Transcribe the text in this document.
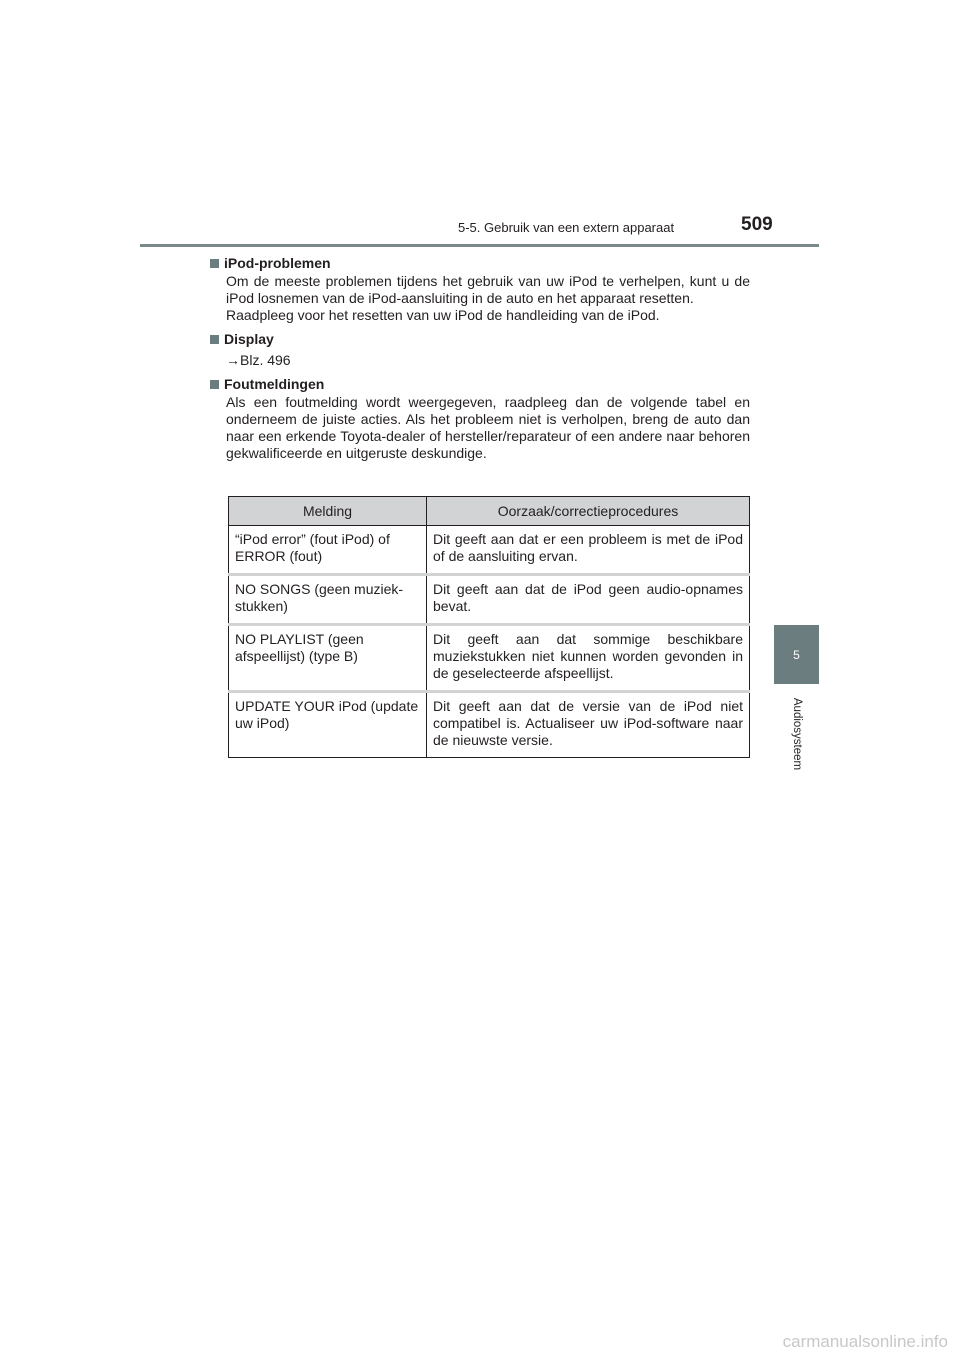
5-5. Gebruik van een extern apparaat	509
5
Audiosysteem
iPod-problemen

Om de meeste problemen tijdens het gebruik van uw iPod te verhelpen, kunt u de iPod losnemen van de iPod-aansluiting in de auto en het apparaat resetten.

Raadpleeg voor het resetten van uw iPod de handleiding van de iPod.

Display
→Blz. 496
Foutmeldingen

Als een foutmelding wordt weergegeven, raadpleeg dan de volgende tabel en onderneem de juiste acties. Als het probleem niet is verholpen, breng de auto dan naar een erkende Toyota-dealer of hersteller/reparateur of een andere naar behoren gekwalificeerde en uitgeruste deskundige.

Melding	Oorzaak/correctieprocedures
“iPod error” (fout iPod) of ERROR (fout)	Dit geeft aan dat er een probleem is met de iPod of de aansluiting ervan.
NO SONGS (geen muziekstukken)	Dit geeft aan dat de iPod geen audio-opnames bevat.
NO PLAYLIST (geen afspeellijst) (type B)	Dit geeft aan dat sommige beschikbare muziekstukken niet kunnen worden gevonden in de geselecteerde afspeellijst.
UPDATE YOUR iPod (update uw iPod)	Dit geeft aan dat de versie van de iPod niet compatibel is. Actualiseer uw iPod-software naar de nieuwste versie.
carmanualsonline.info
